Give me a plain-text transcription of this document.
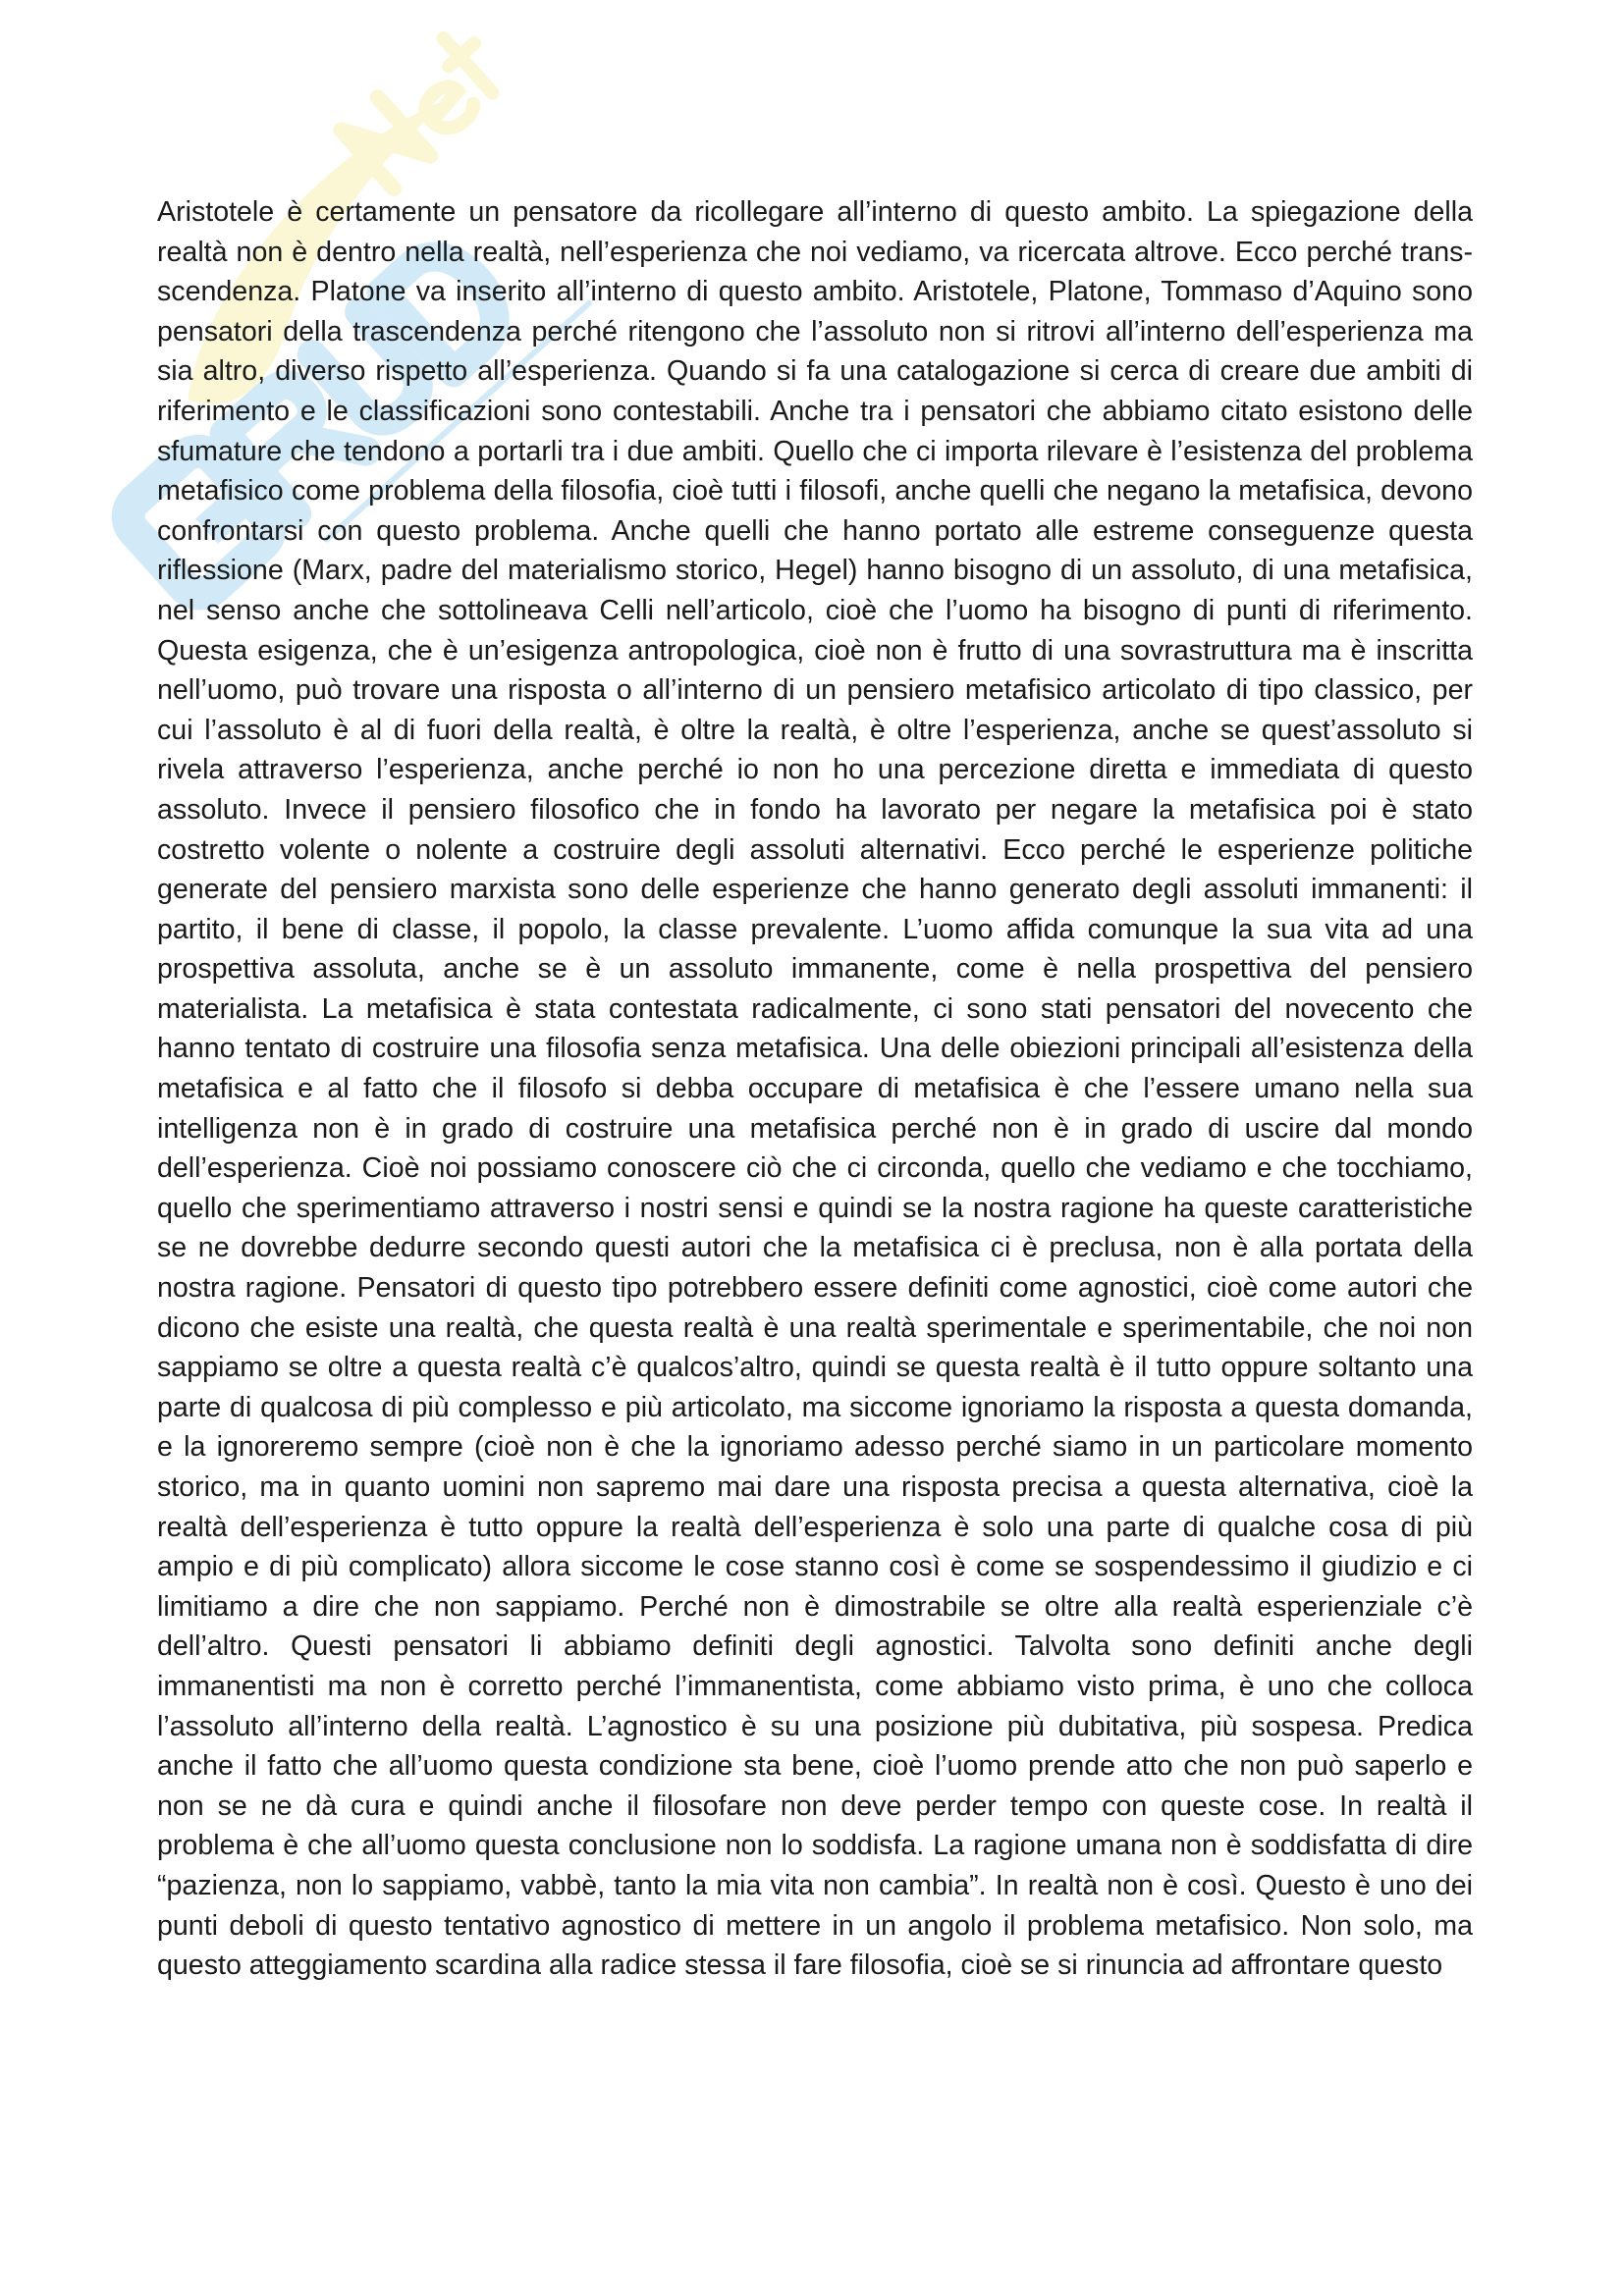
Aristotele è certamente un pensatore da ricollegare all’interno di questo ambito. La spiegazione della realtà non è dentro nella realtà, nell’esperienza che noi vediamo, va ricercata altrove. Ecco perché trans-scendenza. Platone va inserito all’interno di questo ambito. Aristotele, Platone, Tommaso d’Aquino sono pensatori della trascendenza perché ritengono che l’assoluto non si ritrovi all’interno dell’esperienza ma sia altro, diverso rispetto all’esperienza. Quando si fa una catalogazione si cerca di creare due ambiti di riferimento e le classificazioni sono contestabili. Anche tra i pensatori che abbiamo citato esistono delle sfumature che tendono a portarli tra i due ambiti. Quello che ci importa rilevare è l’esistenza del problema metafisico come problema della filosofia, cioè tutti i filosofi, anche quelli che negano la metafisica, devono confrontarsi con questo problema. Anche quelli che hanno portato alle estreme conseguenze questa riflessione (Marx, padre del materialismo storico, Hegel) hanno bisogno di un assoluto, di una metafisica, nel senso anche che sottolineava Celli nell’articolo, cioè che l’uomo ha bisogno di punti di riferimento. Questa esigenza, che è un’esigenza antropologica, cioè non è frutto di una sovrastruttura ma è inscritta nell’uomo, può trovare una risposta o all’interno di un pensiero metafisico articolato di tipo classico, per cui l’assoluto è al di fuori della realtà, è oltre la realtà, è oltre l’esperienza, anche se quest’assoluto si rivela attraverso l’esperienza, anche perché io non ho una percezione diretta e immediata di questo assoluto. Invece il pensiero filosofico che in fondo ha lavorato per negare la metafisica poi è stato costretto volente o nolente a costruire degli assoluti alternativi. Ecco perché le esperienze politiche generate del pensiero marxista sono delle esperienze che hanno generato degli assoluti immanenti: il partito, il bene di classe, il popolo, la classe prevalente. L’uomo affida comunque la sua vita ad una prospettiva assoluta, anche se è un assoluto immanente, come è nella prospettiva del pensiero materialista. La metafisica è stata contestata radicalmente, ci sono stati pensatori del novecento che hanno tentato di costruire una filosofia senza metafisica. Una delle obiezioni principali all’esistenza della metafisica e al fatto che il filosofo si debba occupare di metafisica è che l’essere umano nella sua intelligenza non è in grado di costruire una metafisica perché non è in grado di uscire dal mondo dell’esperienza. Cioè noi possiamo conoscere ciò che ci circonda, quello che vediamo e che tocchiamo, quello che sperimentiamo attraverso i nostri sensi e quindi se la nostra ragione ha queste caratteristiche se ne dovrebbe dedurre secondo questi autori che la metafisica ci è preclusa, non è alla portata della nostra ragione. Pensatori di questo tipo potrebbero essere definiti come agnostici, cioè come autori che dicono che esiste una realtà, che questa realtà è una realtà sperimentale e sperimentabile, che noi non sappiamo se oltre a questa realtà c’è qualcos’altro, quindi se questa realtà è il tutto oppure soltanto una parte di qualcosa di più complesso e più articolato, ma siccome ignoriamo la risposta a questa domanda, e la ignoreremo sempre (cioè non è che la ignoriamo adesso perché siamo in un particolare momento storico, ma in quanto uomini non sapremo mai dare una risposta precisa a questa alternativa, cioè la realtà dell’esperienza è tutto oppure la realtà dell’esperienza è solo una parte di qualche cosa di più ampio e di più complicato) allora siccome le cose stanno così è come se sospendessimo il giudizio e ci limitiamo a dire che non sappiamo. Perché non è dimostrabile se oltre alla realtà esperienziale c’è dell’altro. Questi pensatori li abbiamo definiti degli agnostici. Talvolta sono definiti anche degli immanentisti ma non è corretto perché l’immanentista, come abbiamo visto prima, è uno che colloca l’assoluto all’interno della realtà. L’agnostico è su una posizione più dubitativa, più sospesa. Predica anche il fatto che all’uomo questa condizione sta bene, cioè l’uomo prende atto che non può saperlo e non se ne dà cura e quindi anche il filosofare non deve perder tempo con queste cose. In realtà il problema è che all’uomo questa conclusione non lo soddisfa. La ragione umana non è soddisfatta di dire “pazienza, non lo sappiamo, vabbè, tanto la mia vita non cambia”. In realtà non è così. Questo è uno dei punti deboli di questo tentativo agnostico di mettere in un angolo il problema metafisico. Non solo, ma questo atteggiamento scardina alla radice stessa il fare filosofia, cioè se si rinuncia ad affrontare questo
